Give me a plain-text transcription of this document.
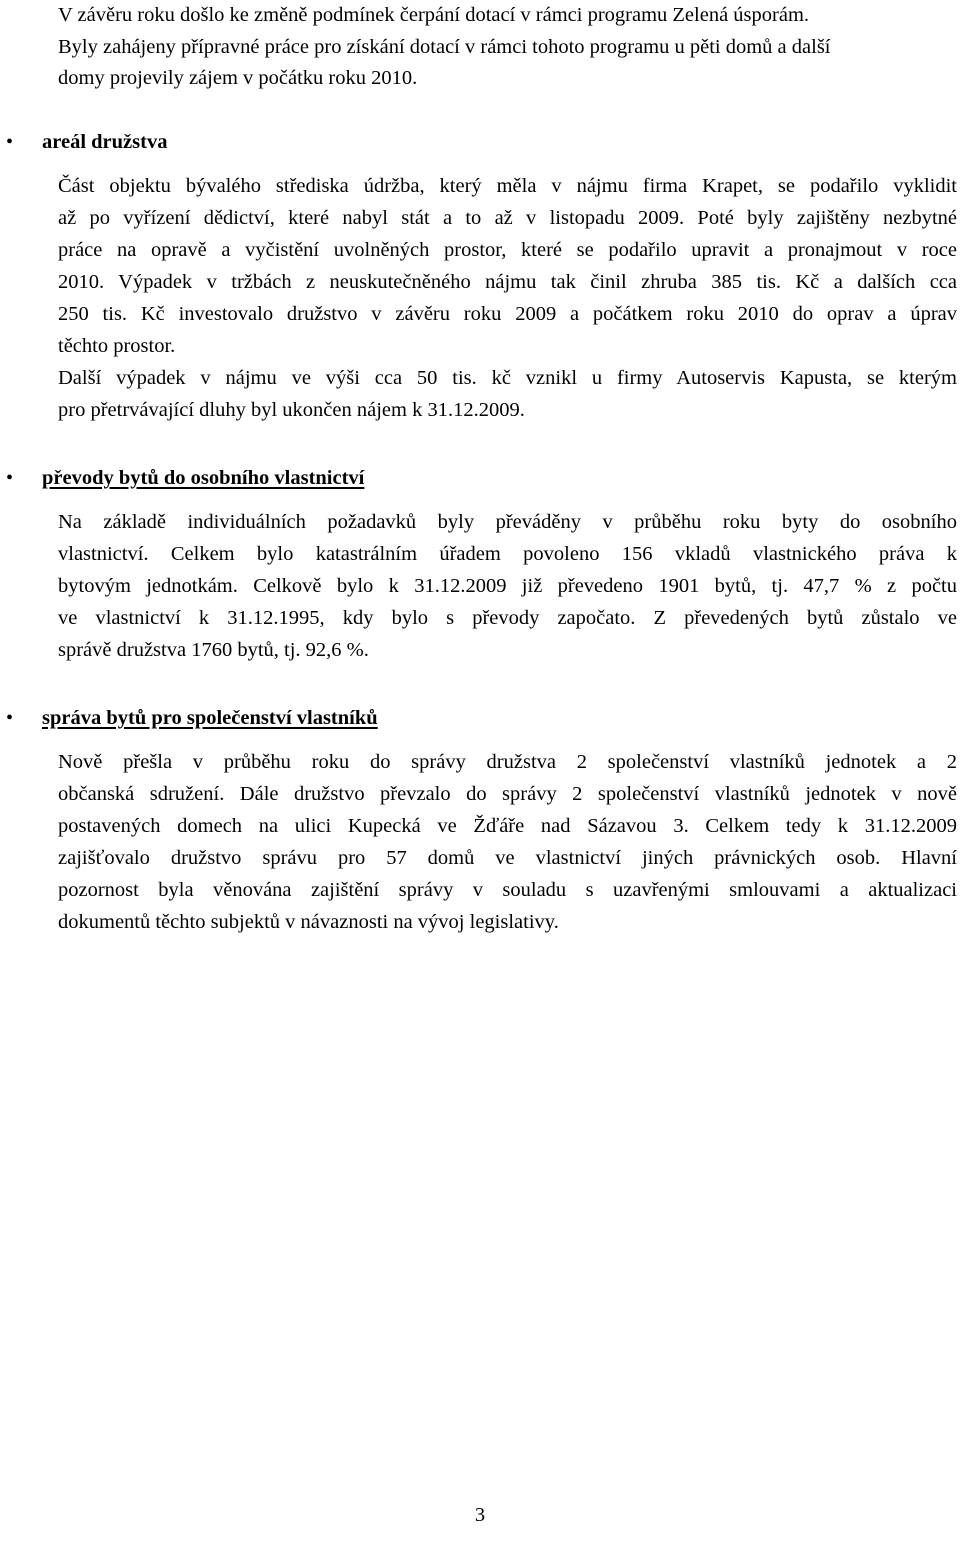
V závěru roku došlo ke změně podmínek čerpání dotací v rámci programu Zelená úsporám.
Byly zahájeny přípravné práce pro získání dotací v rámci tohoto programu u pěti domů a další
domy projevily zájem v počátku roku 2010.
• areál družstva
Část objektu bývalého střediska údržba, který měla v nájmu firma Krapet, se podařilo vyklidit
až po vyřízení dědictví, které nabyl stát a to až v listopadu 2009. Poté byly zajištěny nezbytné
práce na opravě a vyčistění uvolněných prostor, které se podařilo upravit a pronajmout v roce
2010. Výpadek v tržbách z neuskutečněného nájmu tak činil zhruba 385 tis. Kč a dalších cca
250 tis. Kč investovalo družstvo v závěru roku 2009 a počátkem roku 2010 do oprav a úprav
těchto prostor.
Další výpadek v nájmu ve výši cca 50 tis. kč vznikl u firmy Autoservis Kapusta, se kterým
pro přetrvávající dluhy byl ukončen nájem k 31.12.2009.
• převody bytů do osobního vlastnictví
Na základě individuálních požadavků byly převáděny v průběhu roku byty do osobního
vlastnictví. Celkem bylo katastrálním úřadem povoleno 156 vkladů vlastnického práva k
bytovým jednotkám. Celkově bylo k 31.12.2009 již převedeno 1901 bytů, tj. 47,7 % z počtu
ve vlastnictví k 31.12.1995, kdy bylo s převody započato. Z převedených bytů zůstalo ve
správě družstva 1760 bytů, tj. 92,6 %.
• správa bytů pro společenství vlastníků
Nově přešla v průběhu roku do správy družstva 2 společenství vlastníků jednotek a 2
občanská sdružení. Dále družstvo převzalo do správy 2 společenství vlastníků jednotek v nově
postavených domech na ulici Kupecká ve Žďáře nad Sázavou 3. Celkem tedy k 31.12.2009
zajišťovalo družstvo správu pro 57 domů ve vlastnictví jiných právnických osob. Hlavní
pozornost byla věnována zajištění správy v souladu s uzavřenými smlouvami a aktualizaci
dokumentů těchto subjektů v návaznosti na vývoj legislativy.
3
